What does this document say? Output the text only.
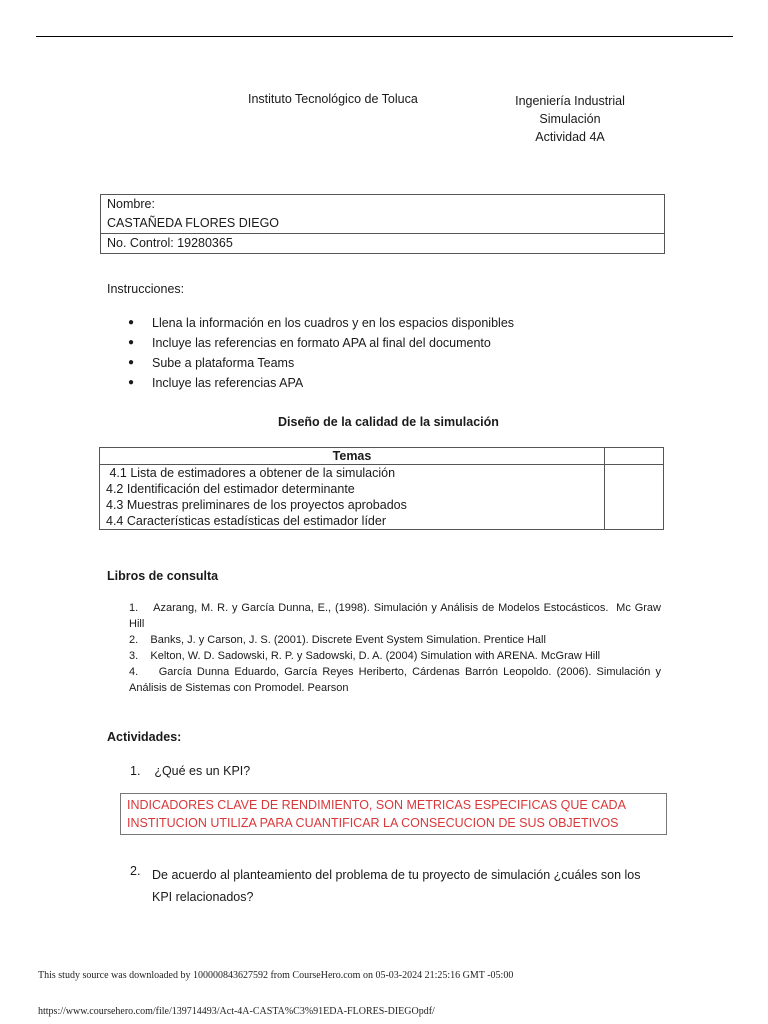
Instituto Tecnológico de Toluca	Ingeniería Industrial
Simulación
Actividad 4A
Nombre:
CASTAÑEDA FLORES DIEGO
No. Control: 19280365
Instrucciones:
● Llena la información en los cuadros y en los espacios disponibles
● Incluye las referencias en formato APA al final del documento
● Sube a plataforma Teams
● Incluye las referencias APA
Diseño de la calidad de la simulación
Temas	
4.1 Lista de estimadores a obtener de la simulación	
4.2 Identificación del estimador determinante	
4.3 Muestras preliminares de los proyectos aprobados	
4.4 Características estadísticas del estimador líder	
Libros de consulta
1.    Azarang, M. R. y García Dunna, E., (1998). Simulación y Análisis de Modelos Estocásticos.  Mc Graw Hill
2.    Banks, J. y Carson, J. S. (2001). Discrete Event System Simulation. Prentice Hall
3.    Kelton, W. D. Sadowski, R. P. y Sadowski, D. A. (2004) Simulation with ARENA. McGraw Hill
4.    García Dunna Eduardo, García Reyes Heriberto, Cárdenas Barrón Leopoldo. (2006). Simulación y Análisis de Sistemas con Promodel. Pearson
Actividades:
1.    ¿Qué es un KPI?
INDICADORES CLAVE DE RENDIMIENTO, SON METRICAS ESPECIFICAS QUE CADA INSTITUCION UTILIZA PARA CUANTIFICAR LA CONSECUCION DE SUS OBJETIVOS
2. De acuerdo al planteamiento del problema de tu proyecto de simulación ¿cuáles son los
KPI relacionados?
This study source was downloaded by 100000843627592 from CourseHero.com on 05-03-2024 21:25:16 GMT -05:00
https://www.coursehero.com/file/139714493/Act-4A-CASTA%C3%91EDA-FLORES-DIEGOpdf/
